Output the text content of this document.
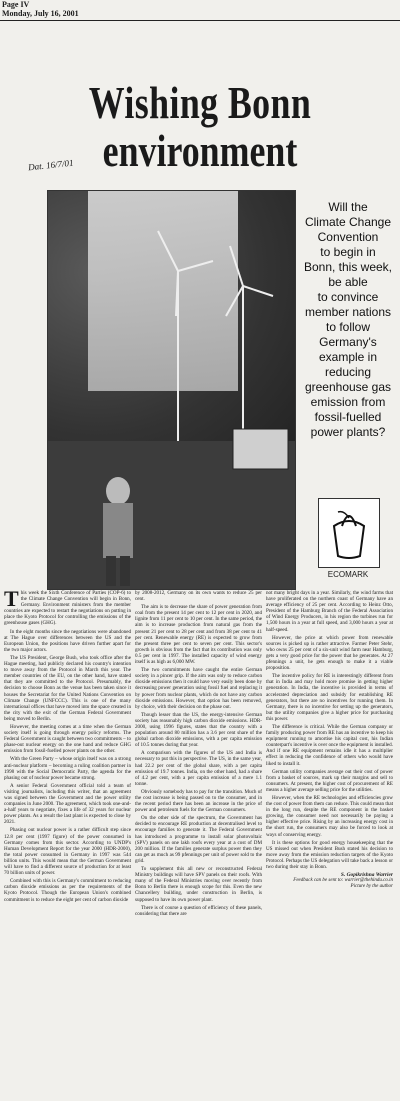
Page IV
Monday, July 16, 2001
Wishing Bonn
environment
Dat. 16/7/01
Will the
Climate Change
Convention
to begin in
Bonn, this week,
be able
to convince
member nations
to follow
Germany's
example in
reducing
greenhouse gas
emission from
fossil-fuelled
power plants?
ECOMARK

This week the Sixth Conference of Parties (COP-6) to the Climate Change Convention will begin in Bonn, Germany. Environment ministers from the member countries are expected to restart the negotiations on putting in place the Kyoto Protocol for controlling the emissions of the greenhouse gases (GHG).

In the eight months since the negotiations were abandoned at The Hague over differences between the US and the European Union, the positions have driven further apart for the two major actors.

The US President, George Bush, who took office after the Hague meeting, had publicly declared his country's intention to move away from the Protocol in March this year. The member countries of the EU, on the other hand, have stated that they are committed to the Protocol. Presumably, the decision to choose Bonn as the venue has been taken since it houses the Secretariat for the United Nations Convention on Climate Change (UNFCCC). This is one of the many international offices that have moved into the space created in the city with the exit of the German Federal Government being moved to Berlin.

However, the meeting comes at a time when the German society itself is going through energy policy reforms. The Federal Government is caught between two commitments – to phase-out nuclear energy on the one hand and reduce GHG emission from fossil-fuelled power plants on the other.

With the Green Party – whose origin itself was on a strong anti-nuclear platform – becoming a ruling coalition partner in 1998 with the Social Democratic Party, the agenda for the phasing out of nuclear power became strong.

A senior Federal Government official told a team of visiting journalists, including this writer, that an agreement was signed between the Government and the power utility companies in June 2000. The agreement, which took one-and-a-half years to negotiate, fixes a life of 32 years for nuclear power plants. As a result the last plant is expected to close by 2021.

Phasing out nuclear power is a rather difficult step since 12.8 per cent (1997 figure) of the power consumed in Germany comes from this sector. According to UNDP's Human Development Report for the year 2000 (HDR-2000), the total power consumed in Germany in 1997 was 544 billion units. This would mean that the German Government will have to find a different source of production for at least 70 billion units of power.

Combined with this is Germany's commitment to reducing carbon dioxide emissions as per the requirements of the Kyoto Protocol. Though the European Union's combined commitment is to reduce the eight per cent of carbon dioxide

by 2008-2012, Germany on its own wants to reduce 25 per cent.

The aim is to decrease the share of power generation from coal from the present 14 per cent to 12 per cent in 2020, and lignite from 11 per cent to 10 per cent. In the same period, the aim is to increase production from natural gas from the present 21 per cent to 28 per cent and from 38 per cent to 41 per cent. Renewable energy (RE) is expected to grow from the present three per cent to seven per cent. This sector's growth is obvious from the fact that its contribution was only 0.5 per cent in 1997. The installed capacity of wind energy itself is as high as 6,000 MW.

The two commitments have caught the entire German society in a pincer grip. If the aim was only to reduce carbon dioxide emissions then it could have very easily been done by decreasing power generation using fossil fuel and replacing it by power from nuclear plants, which do not have any carbon dioxide emissions. However, that option has been removed, by choice, with their decision on the phase out.

Though lesser than the US, the energy-intensive German society has reasonably high carbon dioxide emissions. HDR-2000, using 1996 figures, states that the country with a population around 80 million has a 3.6 per cent share of the global carbon dioxide emissions, with a per capita emission of 10.5 tonnes during that year.

A comparison with the figures of the US and India is necessary to put this in perspective. The US, in the same year, had 22.2 per cent of the global share, with a per capita emission of 19.7 tonnes. India, on the other hand, had a share of 4.2 per cent, with a per capita emission of a mere 1.1 tonne.

Obviously somebody has to pay for the transition. Much of the cost increase is being passed on to the consumer, and in the recent period there has been an increase in the price of power and petroleum fuels for the German consumers.

On the other side of the spectrum, the Government has decided to encourage RE production at decentralised level to encourage families to generate it. The Federal Government has introduced a programme to install solar photovoltaic (SPV) panels on one lakh roofs every year at a cost of DM 200 million. If the families generate surplus power then they can get as much as 99 pfennings per unit of power sold to the grid.

To supplement this all new or reconstructed Federal Ministry buildings will have SPV panels on their roofs. With many of the Federal Ministries moving over recently from Bonn to Berlin there is enough scope for this. Even the new Chancellery building, under construction in Berlin, is supposed to have its own power plant.

There is of course a question of efficiency of these panels, considering that there are

not many bright days in a year. Similarly, the wind farms that have proliferated on the northern coast of Germany have an average efficiency of 25 per cent. According to Heinz Otto, President of the Hamburg Branch of the Federal Association of Wind Energy Producers, in his region the turbines run for 1,500 hours in a year at full speed, and 3,000 hours a year at half-speed.

However, the price at which power from renewable sources is picked up is rather attractive. Farmer Peter Stehr, who owns 25 per cent of a six-unit wind farm near Hamburg, gets a very good price for the power that he generates. At 27 pfennings a unit, he gets enough to make it a viable proposition.

The incentive policy for RE is interestingly different from that in India and may hold more promise in getting higher generation. In India, the incentive is provided in terms of accelerated depreciation and subsidy for establishing RE generators, but there are no incentives for running them. In Germany, there is no incentive for setting up the generators, but the utility companies give a higher price for purchasing this power.

The difference is critical. While the German company or family producing power from RE has an incentive to keep his equipment running to amortise his capital cost, his Indian counterpart's incentive is over once the equipment is installed. And if one RE equipment remains idle it has a multiplier effect in reducing the confidence of others who would have liked to install it.

German utility companies average out their cost of power from a basket of sources, mark up their margins and sell to consumers. At present, the higher cost of procurement of RE means a higher average selling price for the utilities.

However, when the RE technologies and efficiencies grow the cost of power from them can reduce. This could mean that in the long run, despite the RE component in the basket growing, the consumer need not necessarily be paying a higher effective price. Rising by an increasing energy cost in the short run, the consumers may also be forced to look at ways of conserving energy.

It is these options for good energy housekeeping that the US missed out when President Bush stated his decision to move away from the emission reduction targets of the Kyoto Protocol. Perhaps the US delegation will take back a lesson or two during their stay in Bonn.

S. Gopikrishna Warrier
Feedback can be sent to: warrier@thehindu.co.in
Picture by the author
